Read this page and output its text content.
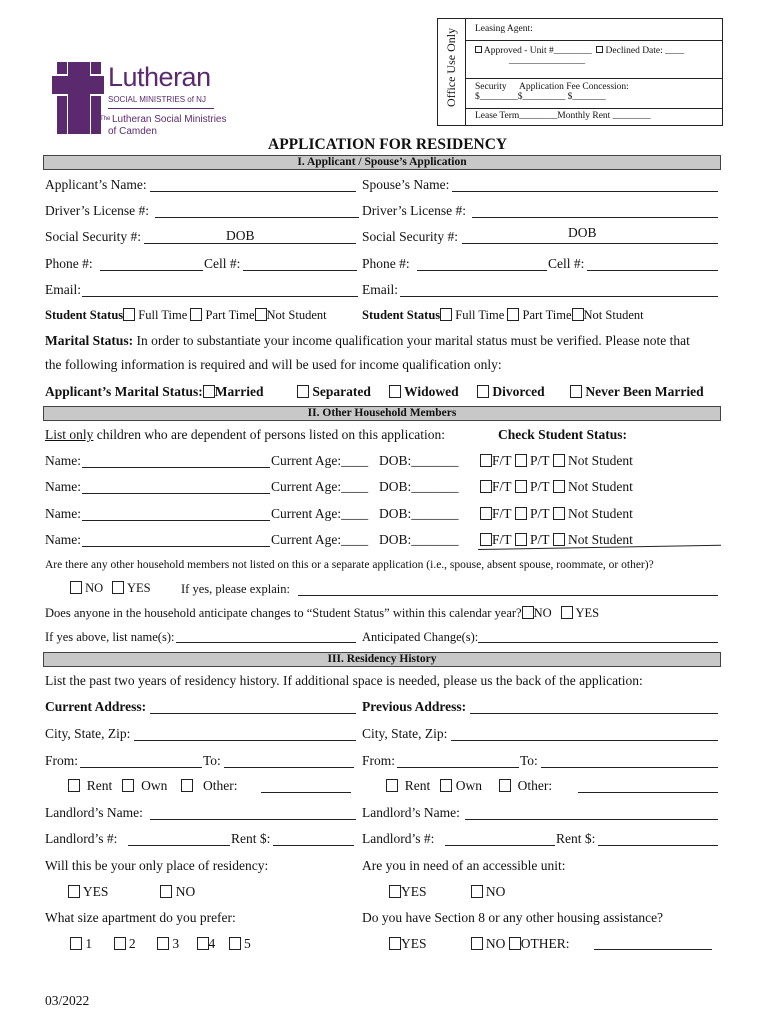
Lutheran
SOCIAL MINISTRIES of NJ
The Lutheran Social Ministries
of Camden
Office Use Only	Leasing Agent:
Approved - Unit #________ Declined Date: ____
________________
Security Application Fee Concession:
$________$_________ $_______
Lease Term________Monthly Rent ________
APPLICATION FOR RESIDENCY
I. Applicant / Spouse’s Application
Applicant’s Name:	Spouse’s Name:
Driver’s License #:	Driver’s License #:
Social Security #:	DOB	Social Security #:	DOB
Phone #:	Cell #:	Phone #:	Cell #:
Email:	Email:
Student Status Full Time Part Time Not Student	Student Status Full Time Part Time Not Student
Marital Status: In order to substantiate your income qualification your marital status must be verified. Please note that
the following information is required and will be used for income qualification only:
Applicant’s Marital Status: Married	Separated	Widowed	Divorced	Never Been Married
II. Other Household Members
List only children who are dependent of persons listed on this application:	Check Student Status:
Name:	Current Age:____ DOB:_______	F/T P/T Not Student
Name:	Current Age:____ DOB:_______	F/T P/T Not Student
Name:	Current Age:____ DOB:_______	F/T P/T Not Student
Name:	Current Age:____ DOB:_______	F/T P/T Not Student
Are there any other household members not listed on this or a separate application (i.e., spouse, absent spouse, roommate, or other)?
NO YES If yes, please explain:
Does anyone in the household anticipate changes to “Student Status” within this calendar year? NO YES
If yes above, list name(s):	Anticipated Change(s):
III. Residency History
List the past two years of residency history. If additional space is needed, please us the back of the application:
Current Address:	Previous Address:
City, State, Zip:	City, State, Zip:
From:	To:	From:	To:
Rent Own	Other:	Rent Own	Other:
Landlord’s Name:	Landlord’s Name:
Landlord’s #:	Rent $:	Landlord’s #:	Rent $:
Will this be your only place of residency:	Are you in need of an accessible unit:
YES	NO	YES	NO
What size apartment do you prefer:	Do you have Section 8 or any other housing assistance?
1	2	3 4 5	YES	NO OTHER:
03/2022
